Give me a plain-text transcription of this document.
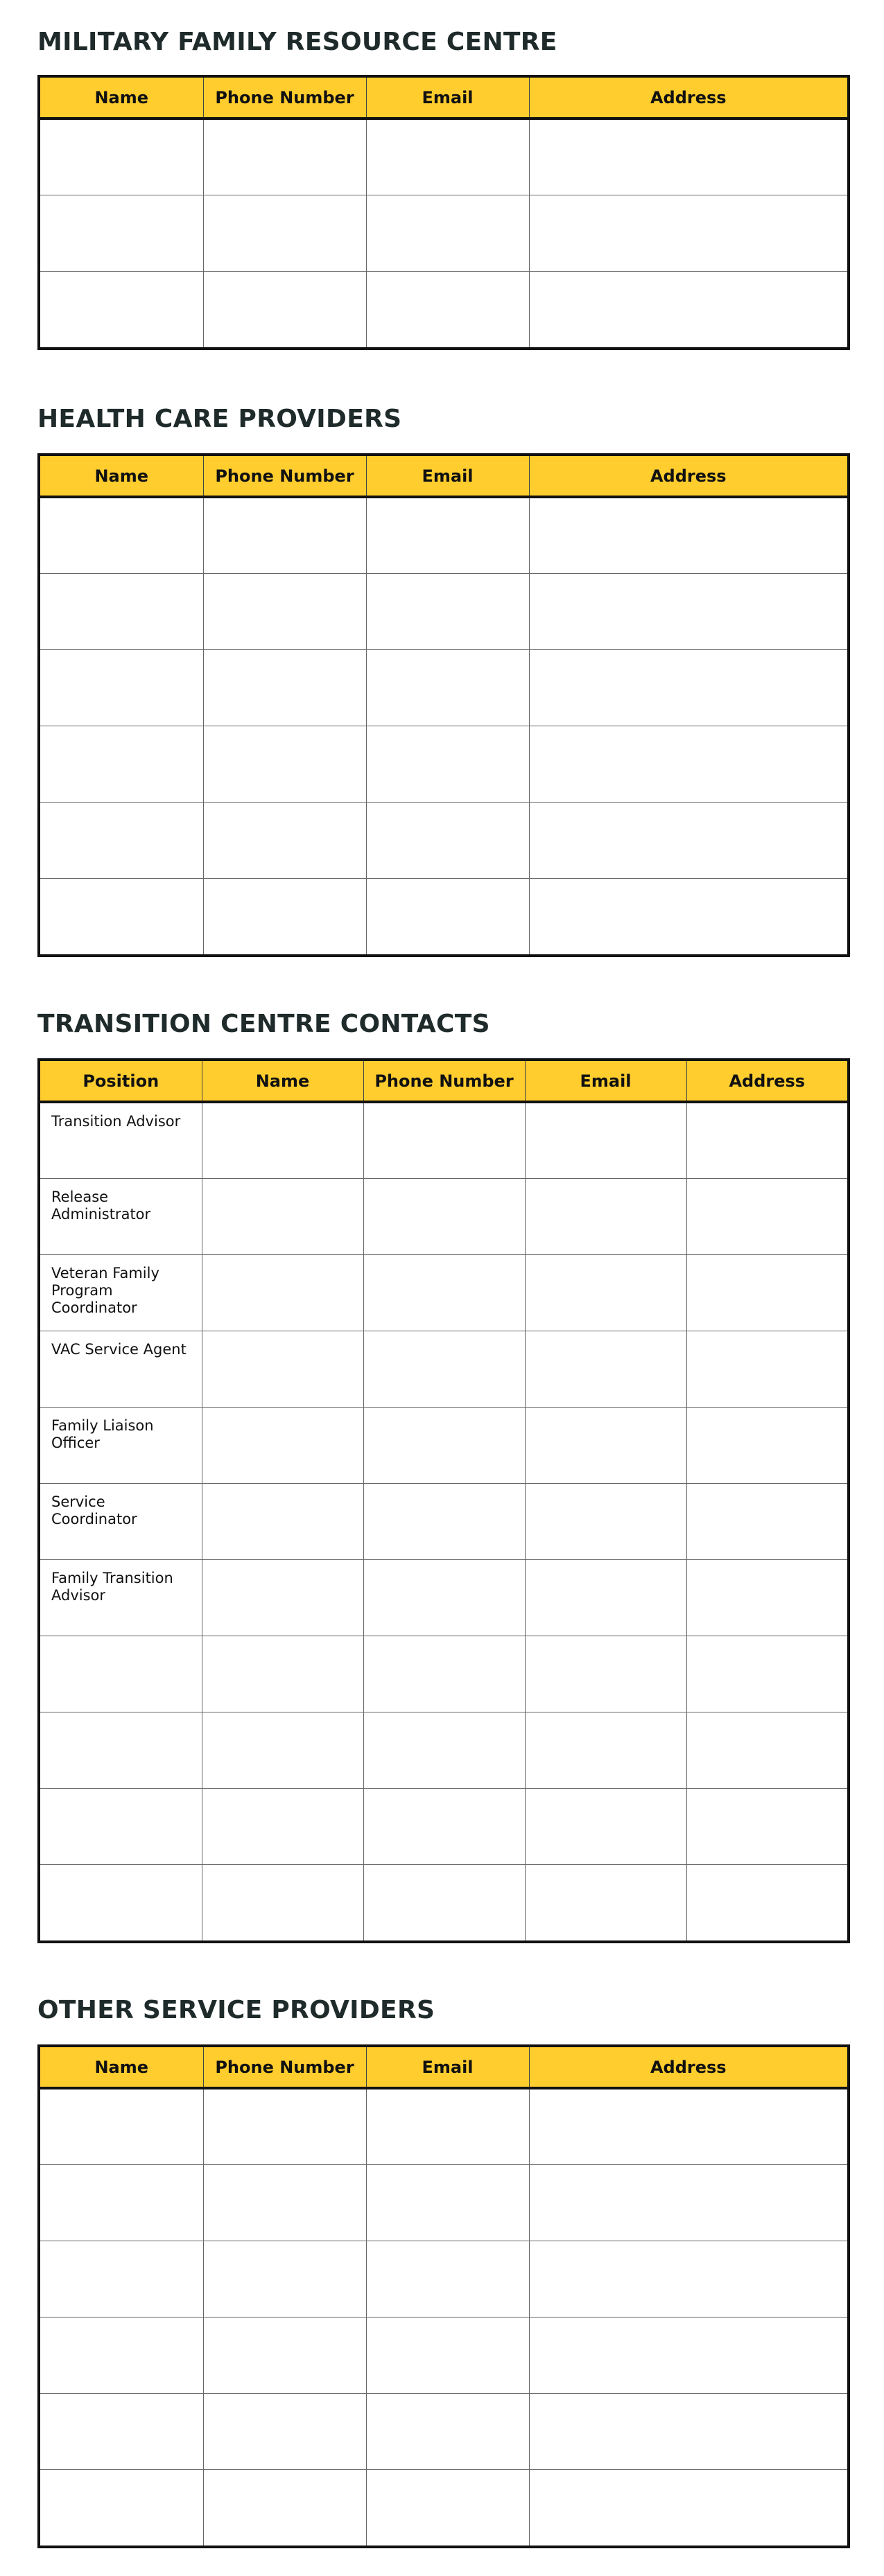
MILITARY FAMILY RESOURCE CENTRE
Name	Phone Number	Email	Address

HEALTH CARE PROVIDERS
Name	Phone Number	Email	Address

TRANSITION CENTRE CONTACTS
Position	Name	Phone Number	Email	Address
Transition Advisor				
Release Administrator				
Veteran Family Program Coordinator				
VAC Service Agent				
Family Liaison Officer				
Service Coordinator				
Family Transition Advisor				

OTHER SERVICE PROVIDERS
Name	Phone Number	Email	Address
